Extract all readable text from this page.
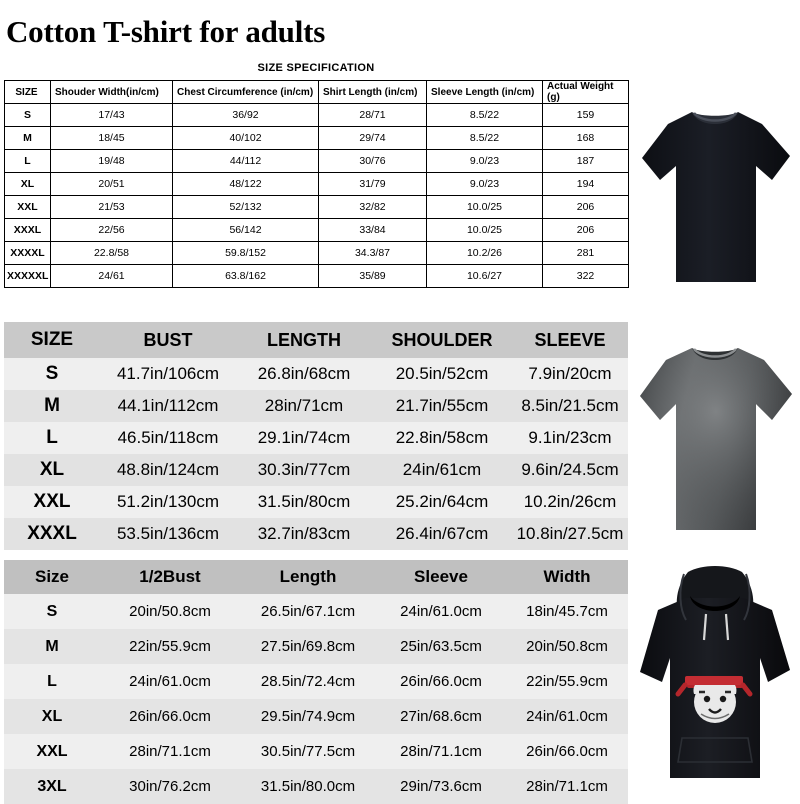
Cotton T-shirt for adults
SIZE SPECIFICATION
SIZE	Shouder Width(in/cm)	Chest Circumference (in/cm)	Shirt Length (in/cm)	Sleeve Length (in/cm)	Actual Weight (g)
S	17/43	36/92	28/71	8.5/22	159
M	18/45	40/102	29/74	8.5/22	168
L	19/48	44/112	30/76	9.0/23	187
XL	20/51	48/122	31/79	9.0/23	194
XXL	21/53	52/132	32/82	10.0/25	206
XXXL	22/56	56/142	33/84	10.0/25	206
XXXXL	22.8/58	59.8/152	34.3/87	10.2/26	281
XXXXXL	24/61	63.8/162	35/89	10.6/27	322
SIZE	BUST	LENGTH	SHOULDER	SLEEVE
S	41.7in/106cm	26.8in/68cm	20.5in/52cm	7.9in/20cm
M	44.1in/112cm	28in/71cm	21.7in/55cm	8.5in/21.5cm
L	46.5in/118cm	29.1in/74cm	22.8in/58cm	9.1in/23cm
XL	48.8in/124cm	30.3in/77cm	24in/61cm	9.6in/24.5cm
XXL	51.2in/130cm	31.5in/80cm	25.2in/64cm	10.2in/26cm
XXXL	53.5in/136cm	32.7in/83cm	26.4in/67cm	10.8in/27.5cm
Size	1/2Bust	Length	Sleeve	Width
S	20in/50.8cm	26.5in/67.1cm	24in/61.0cm	18in/45.7cm
M	22in/55.9cm	27.5in/69.8cm	25in/63.5cm	20in/50.8cm
L	24in/61.0cm	28.5in/72.4cm	26in/66.0cm	22in/55.9cm
XL	26in/66.0cm	29.5in/74.9cm	27in/68.6cm	24in/61.0cm
XXL	28in/71.1cm	30.5in/77.5cm	28in/71.1cm	26in/66.0cm
3XL	30in/76.2cm	31.5in/80.0cm	29in/73.6cm	28in/71.1cm
